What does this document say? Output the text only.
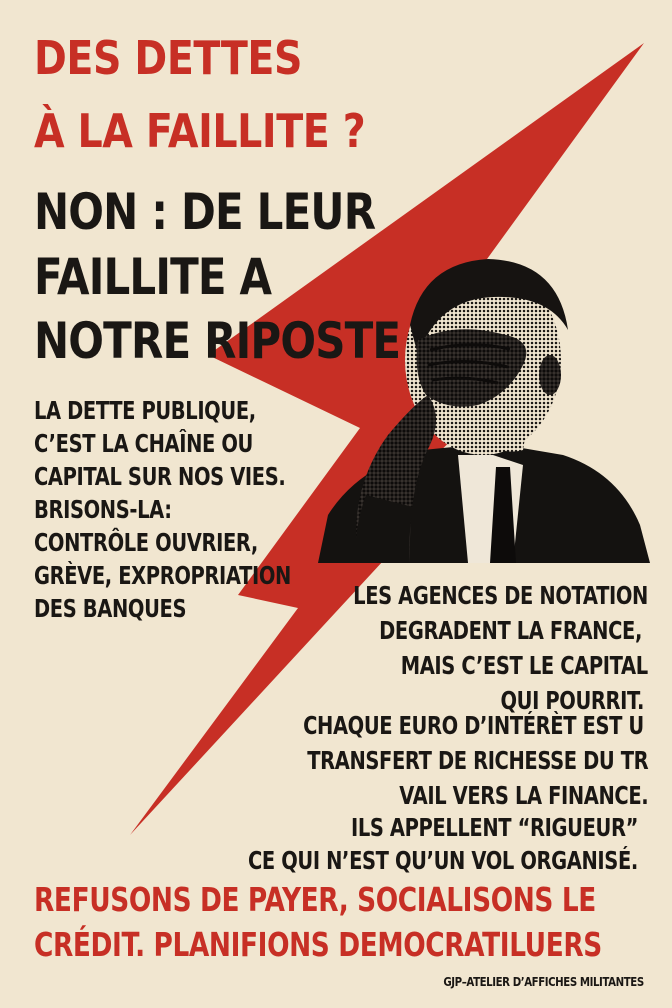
DES DETTES
À LA FAILLITE ?
NON : DE LEUR
FAILLITE A
NOTRE RIPOSTE
LA DETTE PUBLIQUE,
C’EST LA CHAÎNE OU
CAPITAL SUR NOS VIES.
BRISONS-LA:
CONTRÔLE OUVRIER,
GRÈVE, EXPROPRIATION
DES BANQUES	LES AGENCES DE NOTATION
DEGRADENT LA FRANCE,
MAIS C’EST LE CAPITAL
QUI POURRIT.
CHAQUE EURO D’INTÉRÈT EST U
TRANSFERT DE RICHESSE DU TR
VAIL VERS LA FINANCE.
ILS APPELLENT “RIGUEUR”
CE QUI N’EST QU’UN VOL ORGANISÉ.
REFUSONS DE PAYER, SOCIALISONS LE
CRÉDIT. PLANIFIONS DEMOCRATILUERS
GJP–ATELIER D’AFFICHES MILITANTES
